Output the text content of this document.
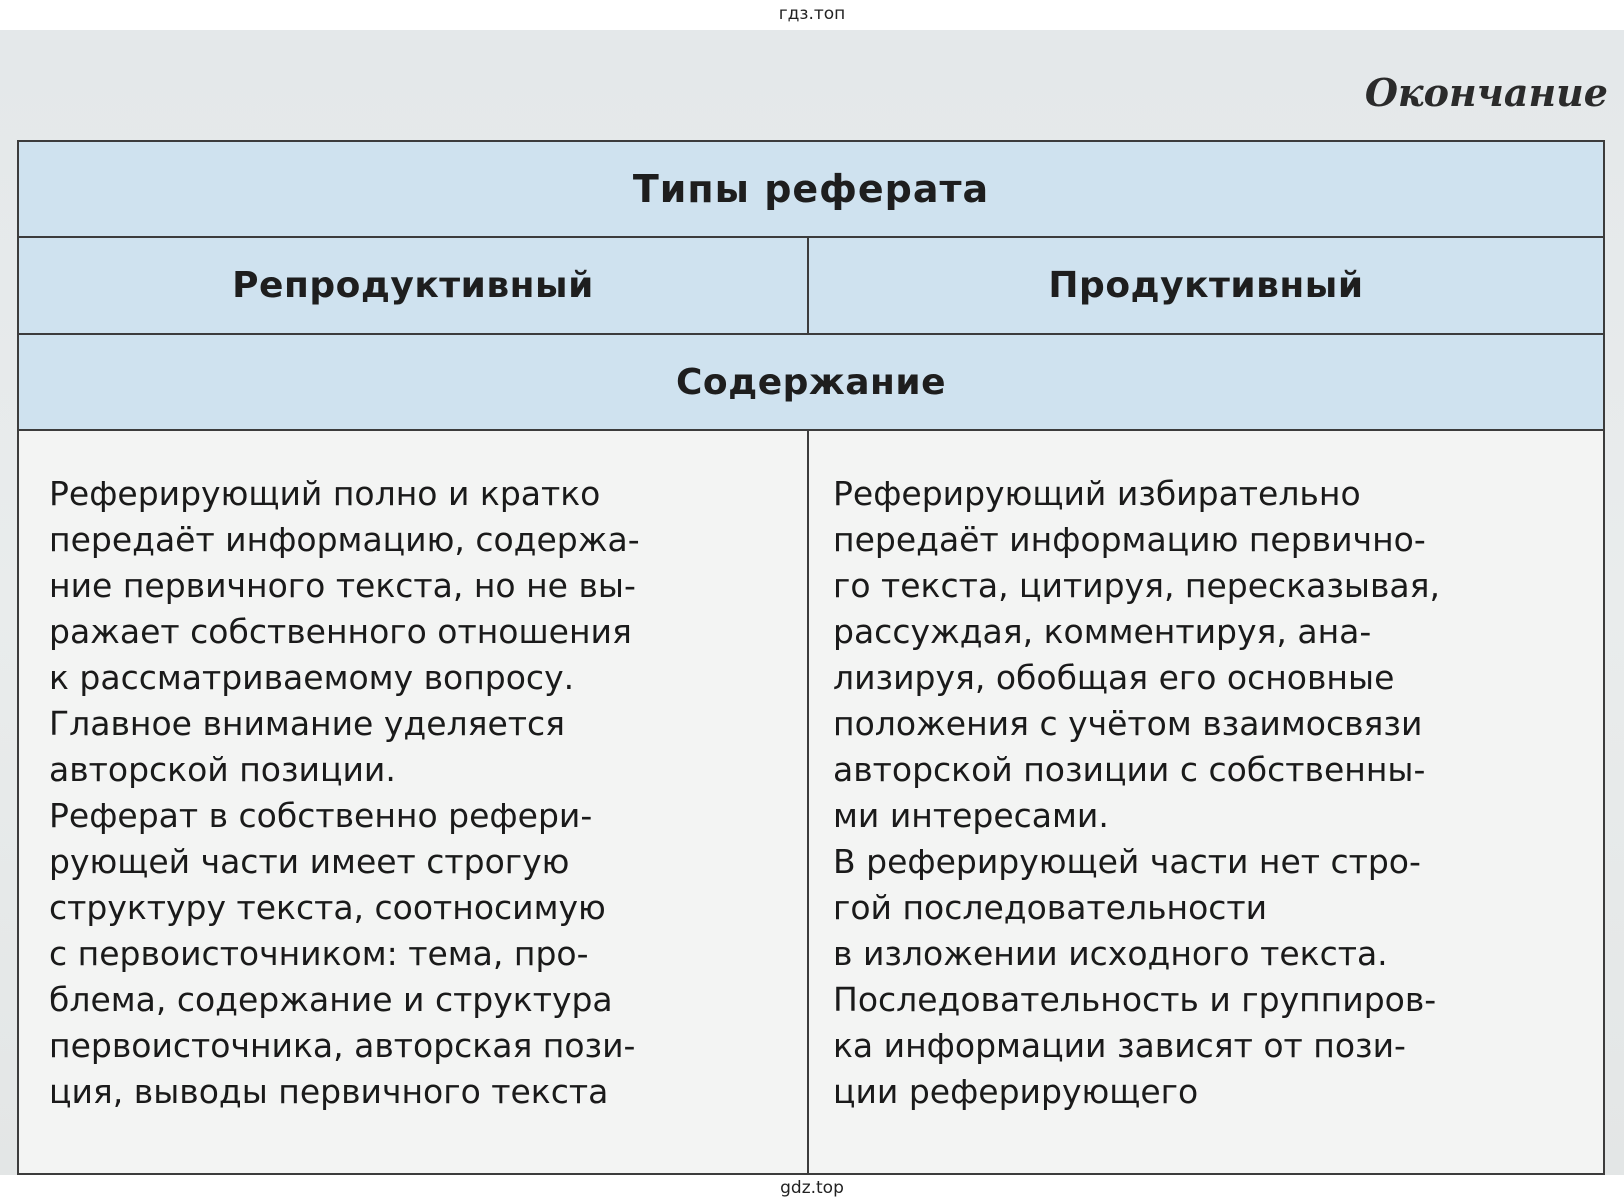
гдз.топ
Окончание
Типы реферата
Репродуктивный	Продуктивный
Содержание
Реферирующий полно и кратко
передаёт информацию, содержа-
ние первичного текста, но не вы-
ражает собственного отношения
к рассматриваемому вопросу.
Главное внимание уделяется
авторской позиции.
Реферат в собственно рефери-
рующей части имеет строгую
структуру текста, соотносимую
с первоисточником: тема, про-
блема, содержание и структура
первоисточника, авторская пози-
ция, выводы первичного текста
Реферирующий избирательно
передаёт информацию первично-
го текста, цитируя, пересказывая,
рассуждая, комментируя, ана-
лизируя, обобщая его основные
положения с учётом взаимосвязи
авторской позиции с собственны-
ми интересами.
В реферирующей части нет стро-
гой последовательности
в изложении исходного текста.
Последовательность и группиров-
ка информации зависят от пози-
ции реферирующего
gdz.top
